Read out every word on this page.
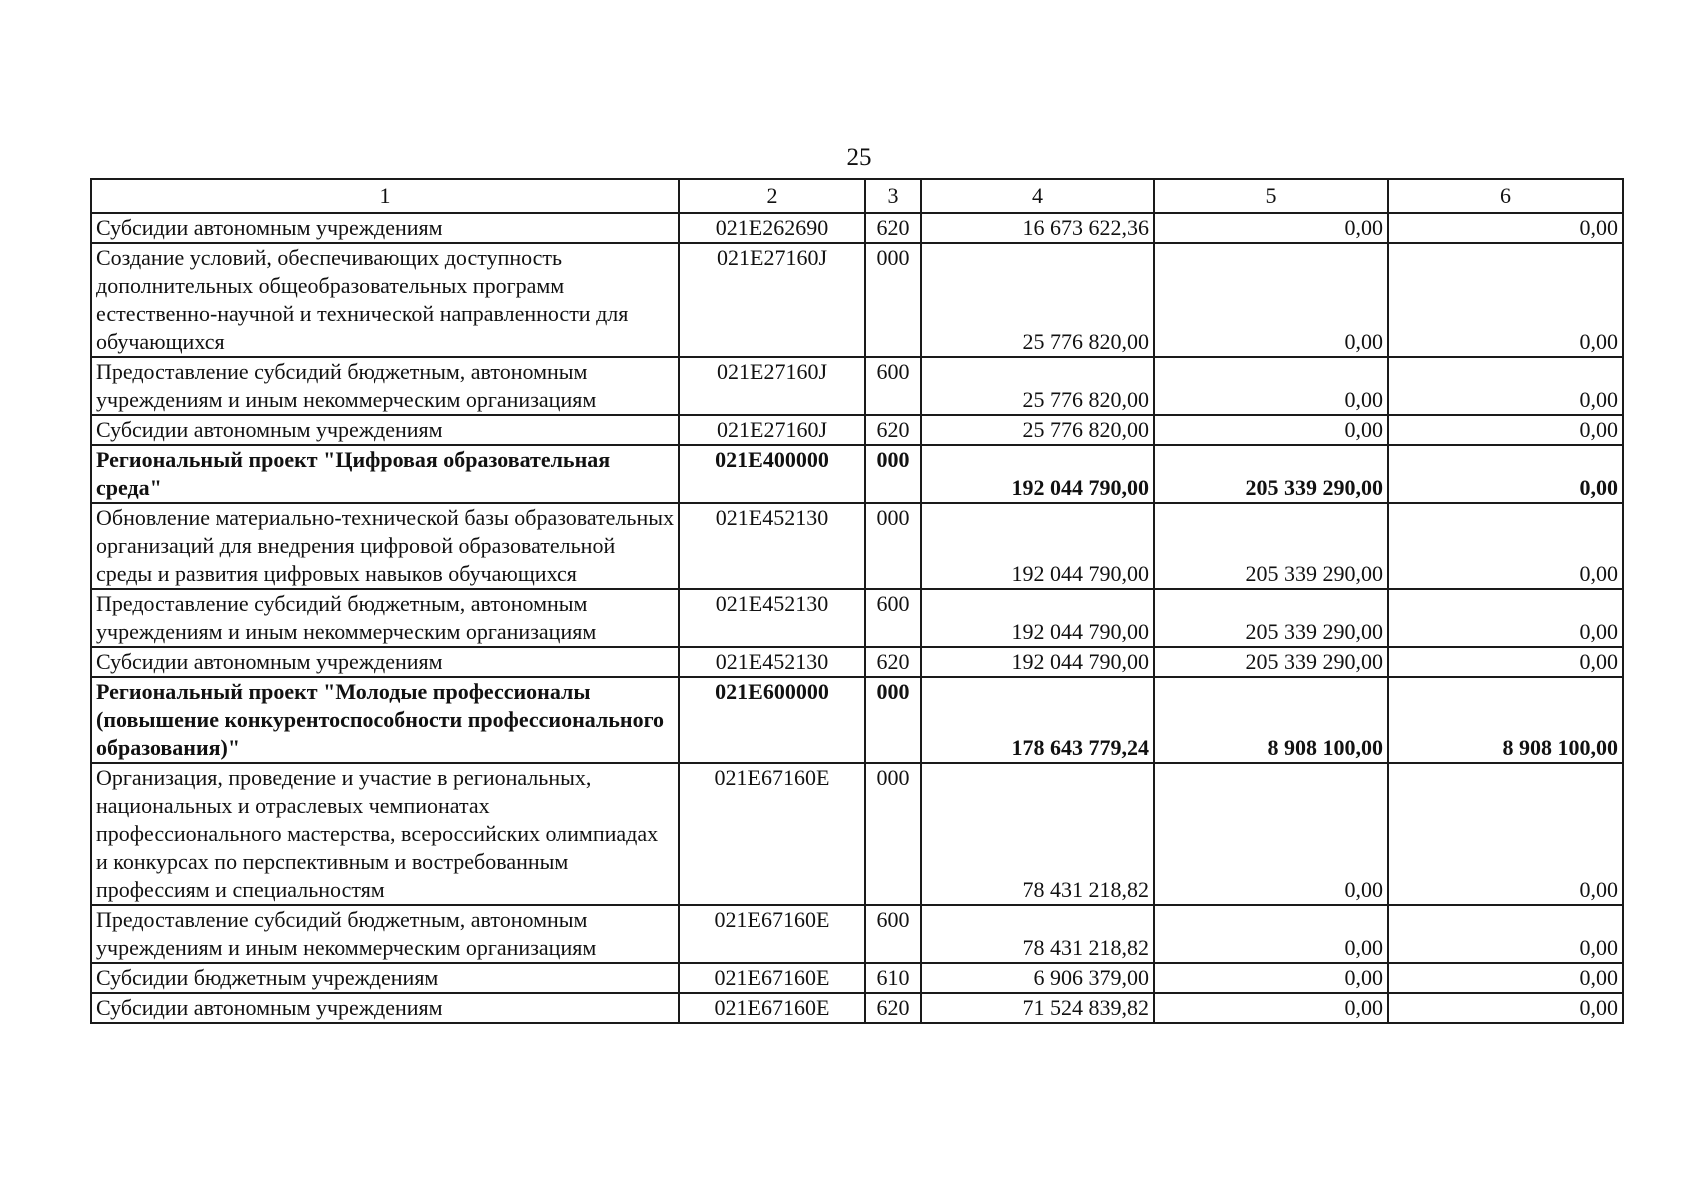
25
1	2	3	4	5	6
Субсидии автономным учреждениям	021E262690	620	16 673 622,36	0,00	0,00
Создание условий, обеспечивающих доступность дополнительных общеобразовательных программ естественно-научной и технической направленности для обучающихся	021E27160J	000	25 776 820,00	0,00	0,00
Предоставление субсидий бюджетным, автономным учреждениям и иным некоммерческим организациям	021E27160J	600	25 776 820,00	0,00	0,00
Субсидии автономным учреждениям	021E27160J	620	25 776 820,00	0,00	0,00
Региональный проект "Цифровая образовательная среда"	021E400000	000	192 044 790,00	205 339 290,00	0,00
Обновление материально-технической базы образовательных организаций для внедрения цифровой образовательной среды и развития цифровых навыков обучающихся	021E452130	000	192 044 790,00	205 339 290,00	0,00
Предоставление субсидий бюджетным, автономным учреждениям и иным некоммерческим организациям	021E452130	600	192 044 790,00	205 339 290,00	0,00
Субсидии автономным учреждениям	021E452130	620	192 044 790,00	205 339 290,00	0,00
Региональный проект "Молодые профессионалы (повышение конкурентоспособности профессионального образования)"	021E600000	000	178 643 779,24	8 908 100,00	8 908 100,00
Организация, проведение и участие в региональных, национальных и отраслевых чемпионатах профессионального мастерства, всероссийских олимпиадах и конкурсах по перспективным и востребованным профессиям и специальностям	021E67160E	000	78 431 218,82	0,00	0,00
Предоставление субсидий бюджетным, автономным учреждениям и иным некоммерческим организациям	021E67160E	600	78 431 218,82	0,00	0,00
Субсидии бюджетным учреждениям	021E67160E	610	6 906 379,00	0,00	0,00
Субсидии автономным учреждениям	021E67160E	620	71 524 839,82	0,00	0,00
